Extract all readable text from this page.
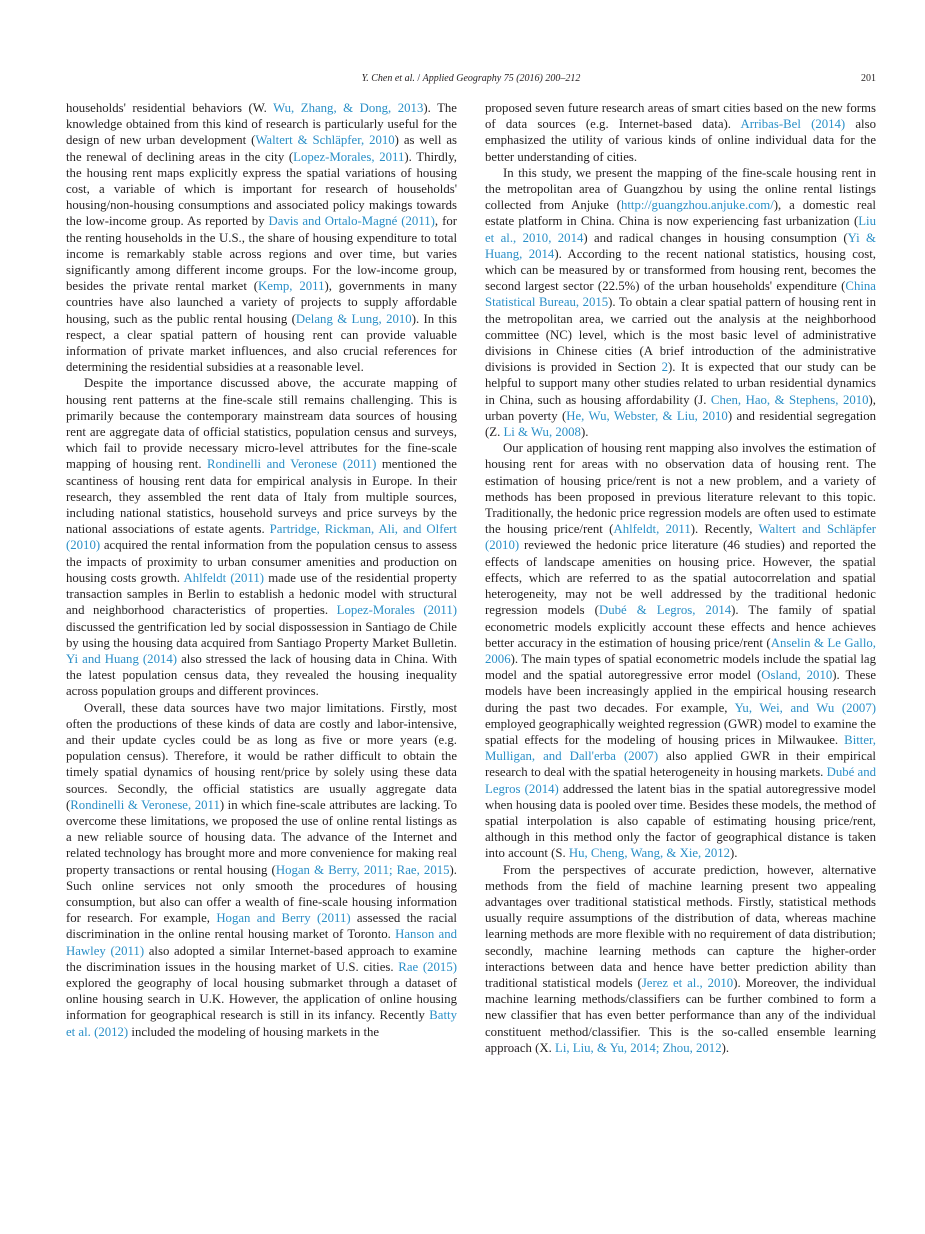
Y. Chen et al. / Applied Geography 75 (2016) 200–212	201

households' residential behaviors (W. Wu, Zhang, & Dong, 2013). The knowledge obtained from this kind of research is particularly useful for the design of new urban development (Waltert & Schläpfer, 2010) as well as the renewal of declining areas in the city (Lopez-Morales, 2011). Thirdly, the housing rent maps explicitly express the spatial variations of housing cost, a variable of which is important for research of households' housing/non-housing consumptions and associated policy makings towards the low-income group. As reported by Davis and Ortalo-Magné (2011), for the renting households in the U.S., the share of housing expenditure to total income is remarkably stable across regions and over time, but varies significantly among different income groups. For the low-income group, besides the private rental market (Kemp, 2011), governments in many countries have also launched a variety of projects to supply affordable housing, such as the public rental housing (Delang & Lung, 2010). In this respect, a clear spatial pattern of housing rent can provide valuable information of private market influences, and also crucial references for determining the residential subsidies at a reasonable level.

Despite the importance discussed above, the accurate mapping of housing rent patterns at the fine-scale still remains challenging. This is primarily because the contemporary mainstream data sources of housing rent are aggregate data of official statistics, population census and surveys, which fail to provide necessary micro-level attributes for the fine-scale mapping of housing rent. Rondinelli and Veronese (2011) mentioned the scantiness of housing rent data for empirical analysis in Europe. In their research, they assembled the rent data of Italy from multiple sources, including national statistics, household surveys and price surveys by the national associations of estate agents. Partridge, Rickman, Ali, and Olfert (2010) acquired the rental information from the population census to assess the impacts of proximity to urban consumer amenities and production on housing costs growth. Ahlfeldt (2011) made use of the residential property transaction samples in Berlin to establish a hedonic model with structural and neighborhood characteristics of properties. Lopez-Morales (2011) discussed the gentrification led by social dispossession in Santiago de Chile by using the housing data acquired from Santiago Property Market Bulletin. Yi and Huang (2014) also stressed the lack of housing data in China. With the latest population census data, they revealed the housing inequality across population groups and different provinces.

Overall, these data sources have two major limitations. Firstly, most often the productions of these kinds of data are costly and labor-intensive, and their update cycles could be as long as five or more years (e.g. population census). Therefore, it would be rather difficult to obtain the timely spatial dynamics of housing rent/price by solely using these data sources. Secondly, the official statistics are usually aggregate data (Rondinelli & Veronese, 2011) in which fine-scale attributes are lacking. To overcome these limitations, we proposed the use of online rental listings as a new reliable source of housing data. The advance of the Internet and related technology has brought more and more convenience for making real property transactions or rental housing (Hogan & Berry, 2011; Rae, 2015). Such online services not only smooth the procedures of housing consumption, but also can offer a wealth of fine-scale housing information for research. For example, Hogan and Berry (2011) assessed the racial discrimination in the online rental housing market of Toronto. Hanson and Hawley (2011) also adopted a similar Internet-based approach to examine the discrimination issues in the housing market of U.S. cities. Rae (2015) explored the geography of local housing submarket through a dataset of online housing search in U.K. However, the application of online housing information for geographical research is still in its infancy. Recently Batty et al. (2012) included the modeling of housing markets in the

proposed seven future research areas of smart cities based on the new forms of data sources (e.g. Internet-based data). Arribas-Bel (2014) also emphasized the utility of various kinds of online individual data for the better understanding of cities.

In this study, we present the mapping of the fine-scale housing rent in the metropolitan area of Guangzhou by using the online rental listings collected from Anjuke (http://guangzhou.anjuke.com/), a domestic real estate platform in China. China is now experiencing fast urbanization (Liu et al., 2010, 2014) and radical changes in housing consumption (Yi & Huang, 2014). According to the recent national statistics, housing cost, which can be measured by or transformed from housing rent, becomes the second largest sector (22.5%) of the urban households' expenditure (China Statistical Bureau, 2015). To obtain a clear spatial pattern of housing rent in the metropolitan area, we carried out the analysis at the neighborhood committee (NC) level, which is the most basic level of administrative divisions in Chinese cities (A brief introduction of the administrative divisions is provided in Section 2). It is expected that our study can be helpful to support many other studies related to urban residential dynamics in China, such as housing affordability (J. Chen, Hao, & Stephens, 2010), urban poverty (He, Wu, Webster, & Liu, 2010) and residential segregation (Z. Li & Wu, 2008).

Our application of housing rent mapping also involves the estimation of housing rent for areas with no observation data of housing rent. The estimation of housing price/rent is not a new problem, and a variety of methods has been proposed in previous literature relevant to this topic. Traditionally, the hedonic price regression models are often used to estimate the housing price/rent (Ahlfeldt, 2011). Recently, Waltert and Schläpfer (2010) reviewed the hedonic price literature (46 studies) and reported the effects of landscape amenities on housing price. However, the spatial effects, which are referred to as the spatial autocorrelation and spatial heterogeneity, may not be well addressed by the traditional hedonic regression models (Dubé & Legros, 2014). The family of spatial econometric models explicitly account these effects and hence achieves better accuracy in the estimation of housing price/rent (Anselin & Le Gallo, 2006). The main types of spatial econometric models include the spatial lag model and the spatial autoregressive error model (Osland, 2010). These models have been increasingly applied in the empirical housing research during the past two decades. For example, Yu, Wei, and Wu (2007) employed geographically weighted regression (GWR) model to examine the spatial effects for the modeling of housing prices in Milwaukee. Bitter, Mulligan, and Dall'erba (2007) also applied GWR in their empirical research to deal with the spatial heterogeneity in housing markets. Dubé and Legros (2014) addressed the latent bias in the spatial autoregressive model when housing data is pooled over time. Besides these models, the method of spatial interpolation is also capable of estimating housing price/rent, although in this method only the factor of geographical distance is taken into account (S. Hu, Cheng, Wang, & Xie, 2012).

From the perspectives of accurate prediction, however, alternative methods from the field of machine learning present two appealing advantages over traditional statistical methods. Firstly, statistical methods usually require assumptions of the distribution of data, whereas machine learning methods are more flexible with no requirement of data distribution; secondly, machine learning methods can capture the higher-order interactions between data and hence have better prediction ability than traditional statistical models (Jerez et al., 2010). Moreover, the individual machine learning methods/classifiers can be further combined to form a new classifier that has even better performance than any of the individual constituent method/classifier. This is the so-called ensemble learning approach (X. Li, Liu, & Yu, 2014; Zhou, 2012).
